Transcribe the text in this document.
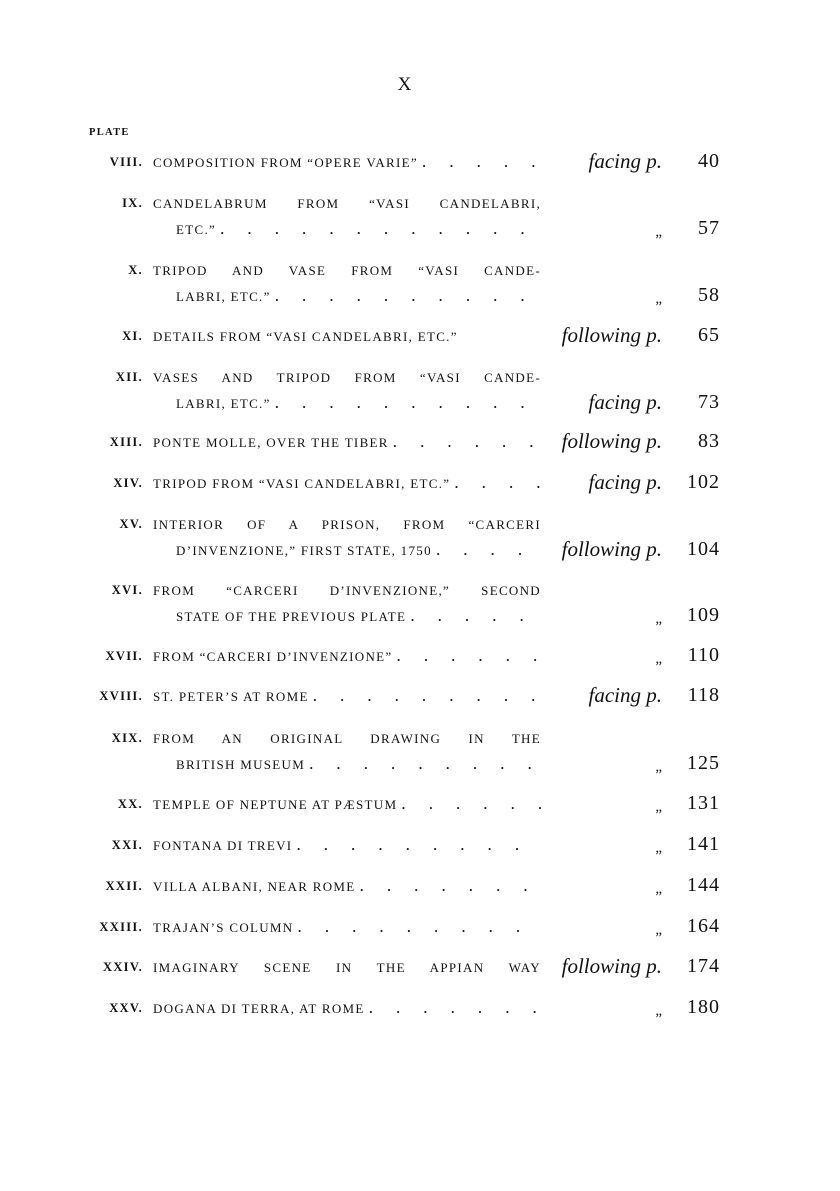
X
PLATE
VIII. COMPOSITION FROM “OPERE VARIE” .	facing p.	40
IX. CANDELABRUM FROM “VASI CANDELABRI,
ETC.” .	„	57
X. TRIPOD AND VASE FROM “VASI CANDE-
LABRI, ETC.” .	„	58
XI. DETAILS FROM “VASI CANDELABRI, ETC.”	following p.	65
XII. VASES AND TRIPOD FROM “VASI CANDE-
LABRI, ETC.” .	facing p.	73
XIII. PONTE MOLLE, OVER THE TIBER .	following p.	83
XIV. TRIPOD FROM “VASI CANDELABRI, ETC.” .	facing p.	102
XV. INTERIOR OF A PRISON, FROM “CARCERI
D’INVENZIONE,” FIRST STATE, 1750 .	following p.	104
XVI. FROM “CARCERI D’INVENZIONE,” SECOND
STATE OF THE PREVIOUS PLATE .	„	109
XVII. FROM “CARCERI D’INVENZIONE” .	„	110
XVIII. ST. PETER’S AT ROME .	facing p.	118
XIX. FROM AN ORIGINAL DRAWING IN THE
BRITISH MUSEUM .	„	125
XX. TEMPLE OF NEPTUNE AT PÆSTUM .	„	131
XXI. FONTANA DI TREVI .	„	141
XXII. VILLA ALBANI, NEAR ROME .	„	144
XXIII. TRAJAN’S COLUMN .	„	164
XXIV. IMAGINARY SCENE IN THE APPIAN WAY following p.	174
XXV. DOGANA DI TERRA, AT ROME .	„	180
